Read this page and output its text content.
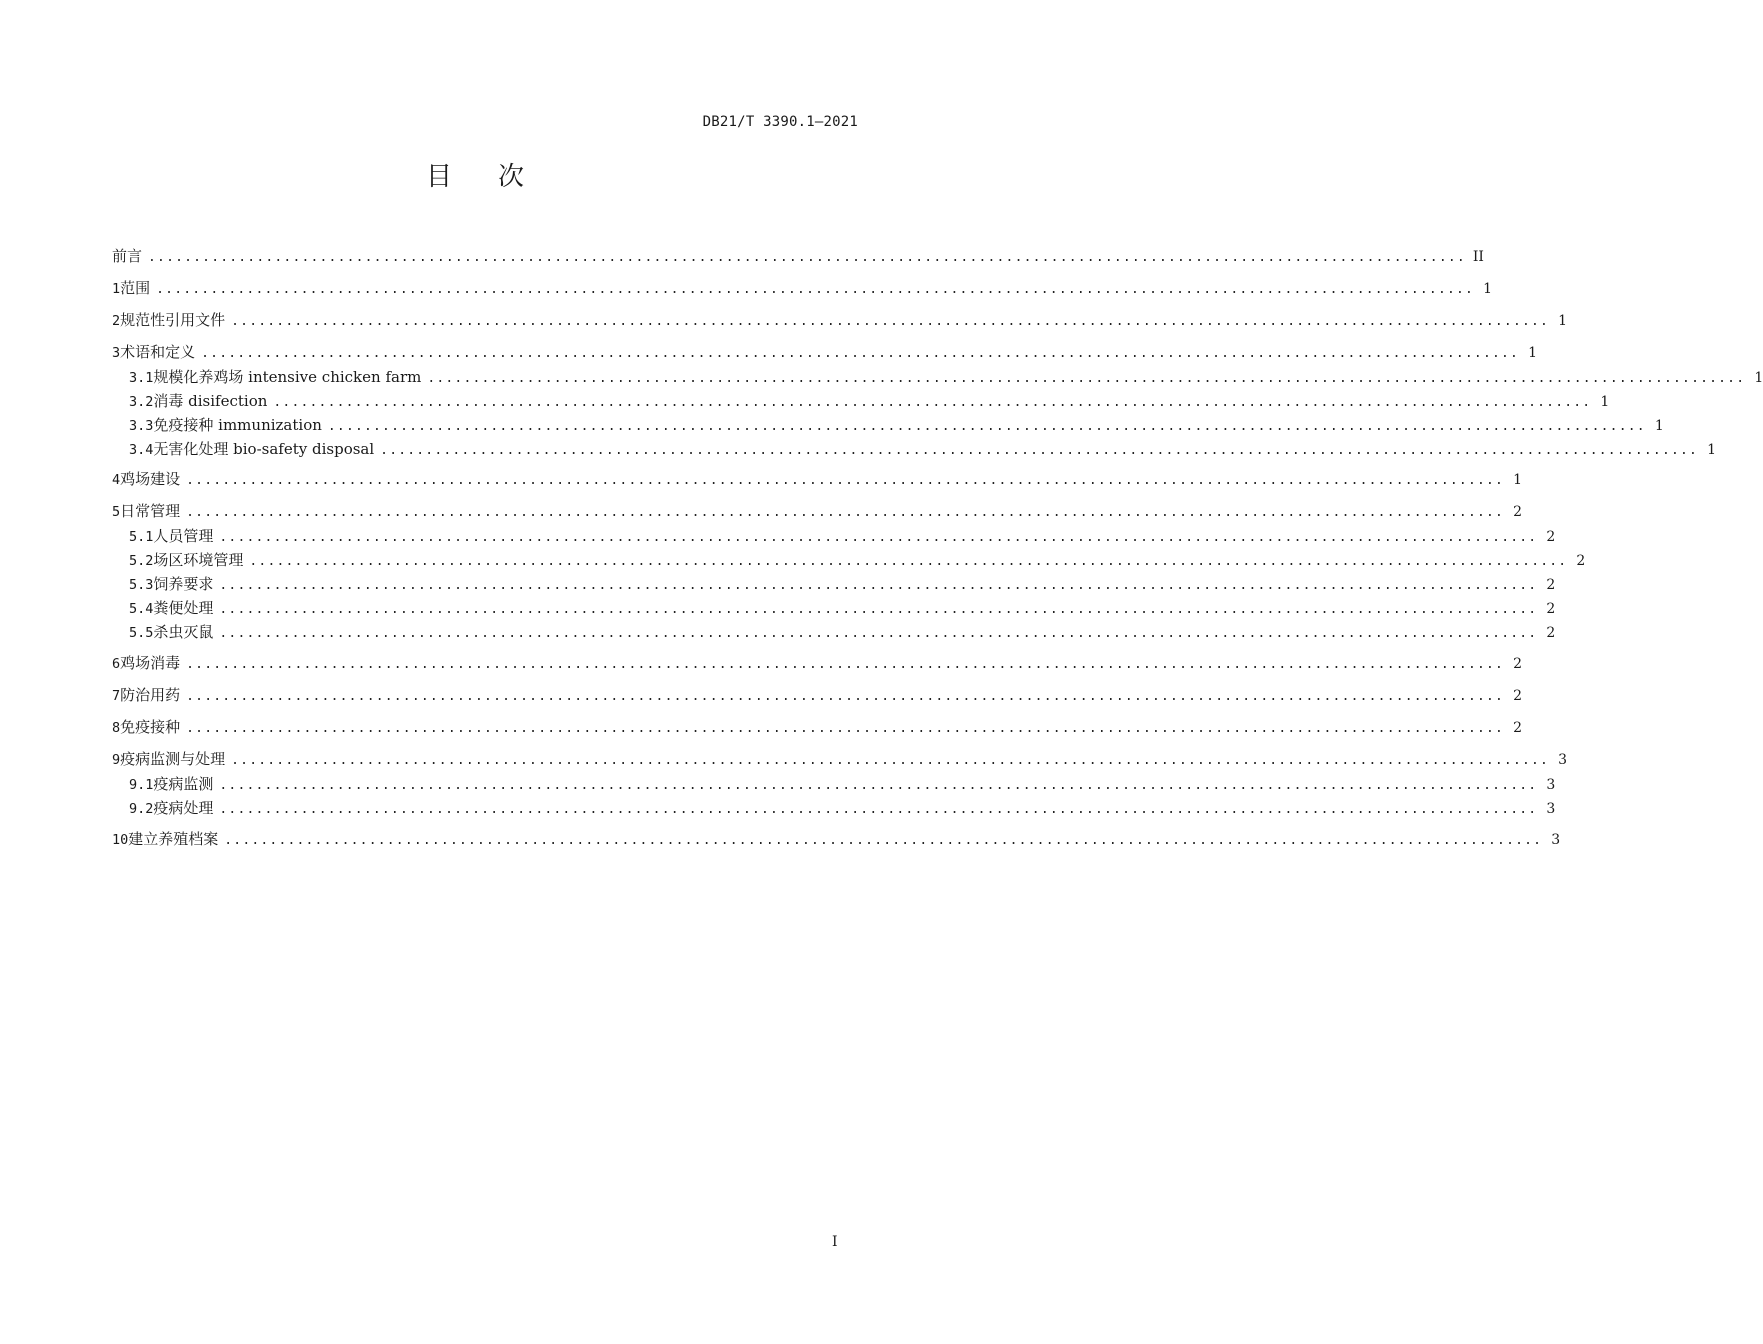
DB21/T 3390.1—2021
目次
前言 .................................................................................................................................................. II
1 范围 .................................................................................................................................................. 1
2 规范性引用文件 .................................................................................................................................................. 1
3 术语和定义 .................................................................................................................................................. 1
3.1 规模化养鸡场 intensive chicken farm .................................................................................................................................................. 1
3.2 消毒 disifection .................................................................................................................................................. 1
3.3 免疫接种 immunization .................................................................................................................................................. 1
3.4 无害化处理 bio-safety disposal .................................................................................................................................................. 1
4 鸡场建设 .................................................................................................................................................. 1
5 日常管理 .................................................................................................................................................. 2
5.1 人员管理 .................................................................................................................................................. 2
5.2 场区环境管理 .................................................................................................................................................. 2
5.3 饲养要求 .................................................................................................................................................. 2
5.4 粪便处理 .................................................................................................................................................. 2
5.5 杀虫灭鼠 .................................................................................................................................................. 2
6 鸡场消毒 .................................................................................................................................................. 2
7 防治用药 .................................................................................................................................................. 2
8 免疫接种 .................................................................................................................................................. 2
9 疫病监测与处理 .................................................................................................................................................. 3
9.1 疫病监测 .................................................................................................................................................. 3
9.2 疫病处理 .................................................................................................................................................. 3
10 建立养殖档案 .................................................................................................................................................. 3
I
